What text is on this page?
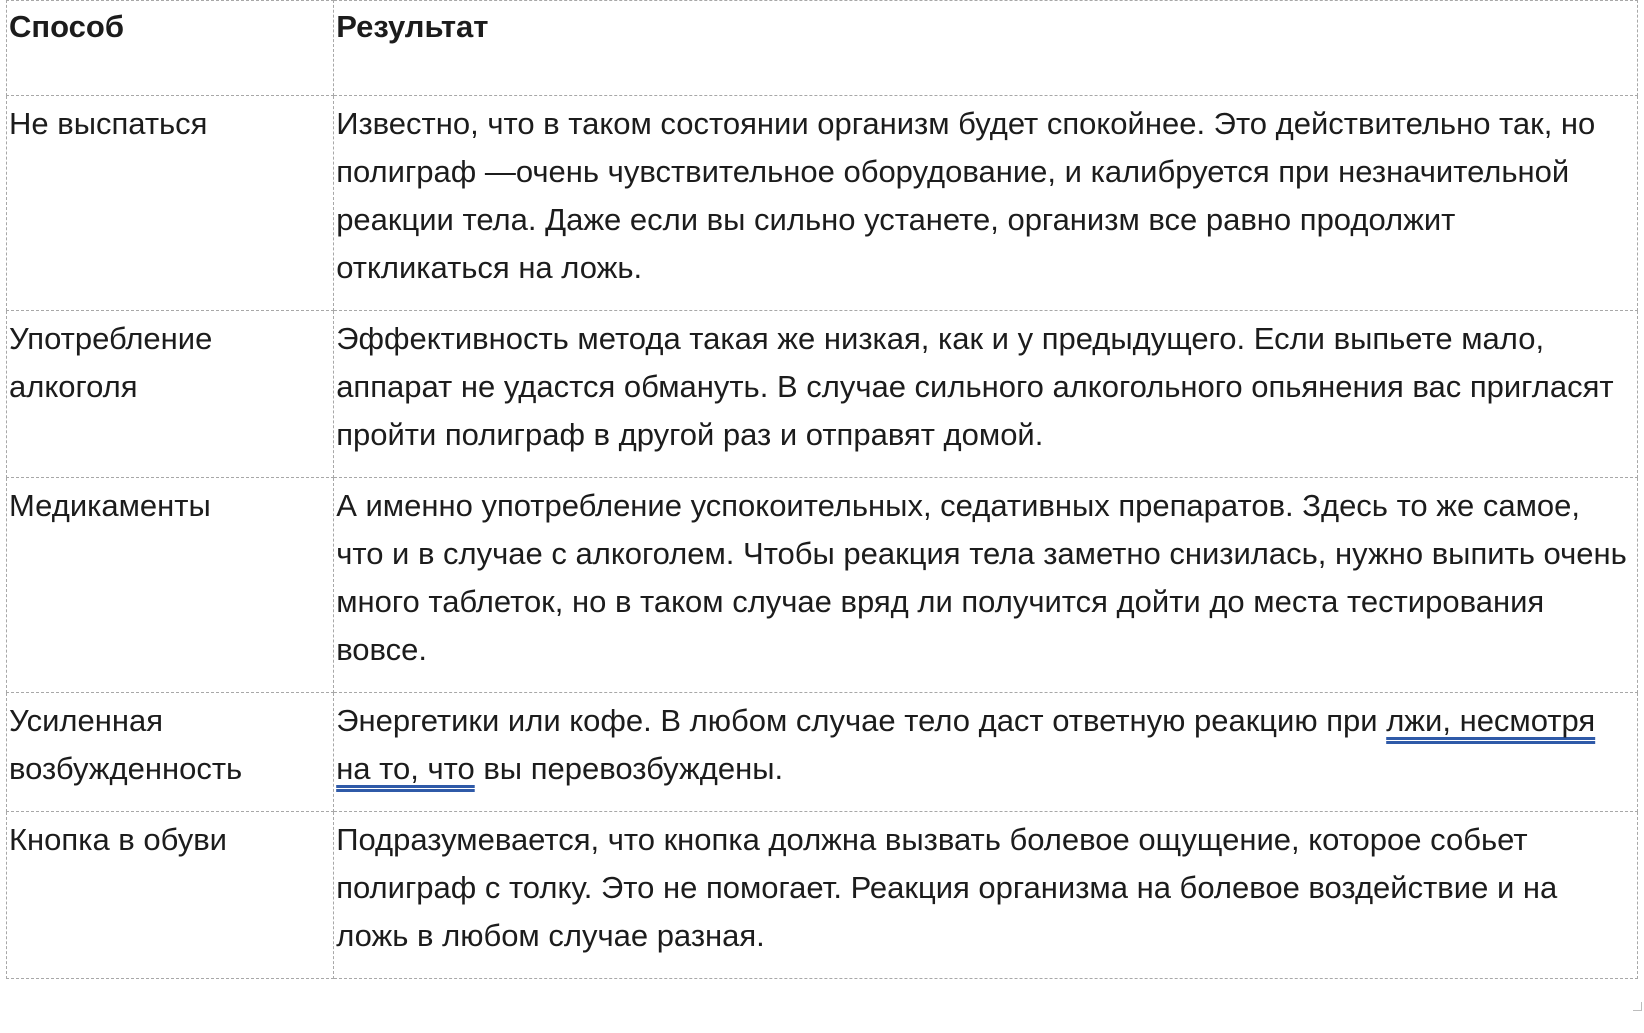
Способ	Результат
Не выспаться	Известно, что в таком состоянии организм будет спокойнее. Это действительно так, но полиграф —очень чувствительное оборудование, и калибруется при незначительной реакции тела. Даже если вы сильно устанете, организм все равно продолжит откликаться на ложь.
Употребление алкоголя	Эффективность метода такая же низкая, как и у предыдущего. Если выпьете мало, аппарат не удастся обмануть. В случае сильного алкогольного опьянения вас пригласят пройти полиграф в другой раз и отправят домой.
Медикаменты	А именно употребление успокоительных, седативных препаратов. Здесь то же самое, что и в случае с алкоголем. Чтобы реакция тела заметно снизилась, нужно выпить очень много таблеток, но в таком случае вряд ли получится дойти до места тестирования вовсе.
Усиленная возбужденность	Энергетики или кофе. В любом случае тело даст ответную реакцию при лжи, несмотря на то, что вы перевозбуждены.
Кнопка в обуви	Подразумевается, что кнопка должна вызвать болевое ощущение, которое собьет полиграф с толку. Это не помогает. Реакция организма на болевое воздействие и на ложь в любом случае разная.
